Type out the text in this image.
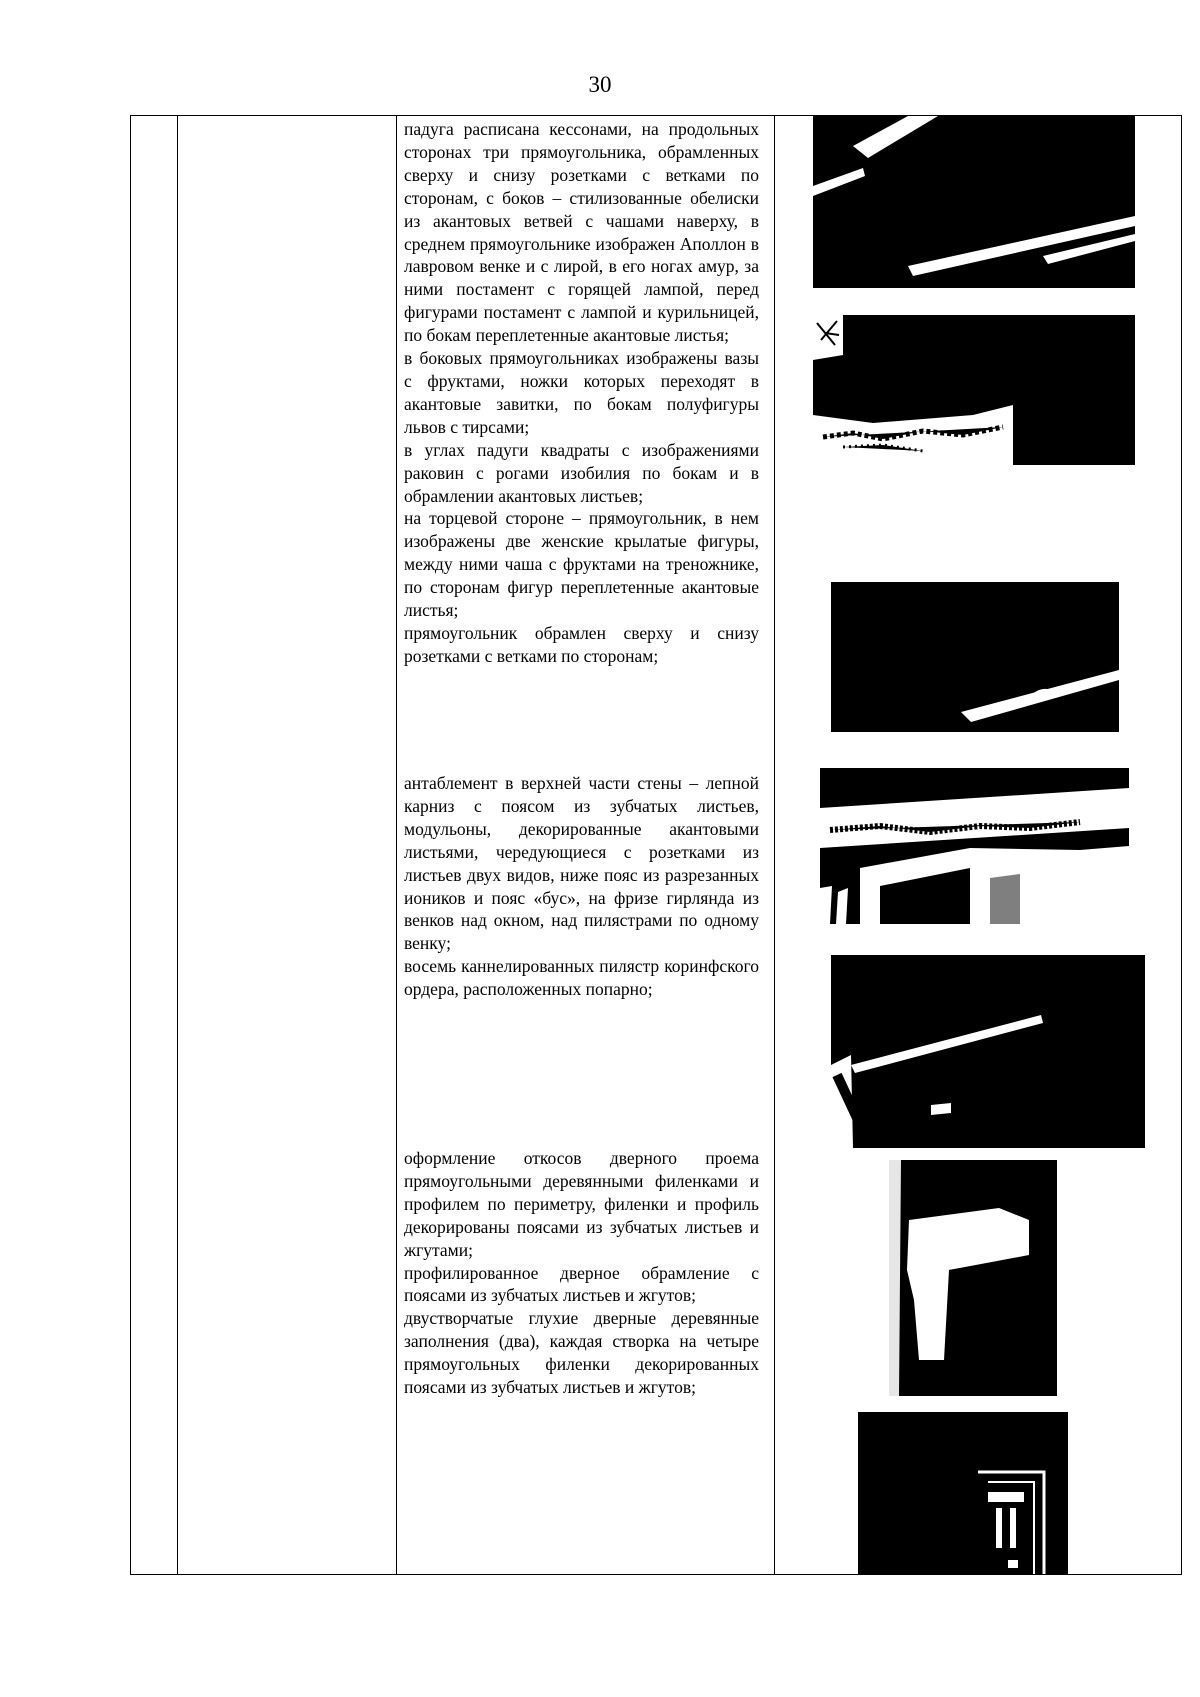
30

падуга расписана кессонами, на продольных сторонах три прямоугольника, обрамленных сверху и снизу розетками с ветками по сторонам, с боков – стилизованные обелиски из акантовых ветвей с чашами наверху, в среднем прямоугольнике изображен Аполлон в лавровом венке и с лирой, в его ногах амур, за ними постамент с горящей лампой, перед фигурами постамент с лампой и курильницей, по бокам переплетенные акантовые листья;

в боковых прямоугольниках изображены вазы с фруктами, ножки которых переходят в акантовые завитки, по бокам полуфигуры львов с тирсами;

в углах падуги квадраты с изображениями раковин с рогами изобилия по бокам и в обрамлении акантовых листьев;

на торцевой стороне – прямоугольник, в нем изображены две женские крылатые фигуры, между ними чаша с фруктами на треножнике, по сторонам фигур переплетенные акантовые листья;

прямоугольник обрамлен сверху и снизу розетками с ветками по сторонам;

антаблемент в верхней части стены – лепной карниз с поясом из зубчатых листьев, модульоны, декорированные акантовыми листьями, чередующиеся с розетками из листьев двух видов, ниже пояс из разрезанных иоников и пояс «бус», на фризе гирлянда из венков над окном, над пилястрами по одному венку;

восемь каннелированных пилястр коринфского ордера, расположенных попарно;

оформление откосов дверного проема прямоугольными деревянными филенками и профилем по периметру, филенки и профиль декорированы поясами из зубчатых листьев и жгутами;

профилированное дверное обрамление с поясами из зубчатых листьев и жгутов;

двустворчатые глухие дверные деревянные заполнения (два), каждая створка на четыре прямоугольных филенки декорированных поясами из зубчатых листьев и жгутов;
